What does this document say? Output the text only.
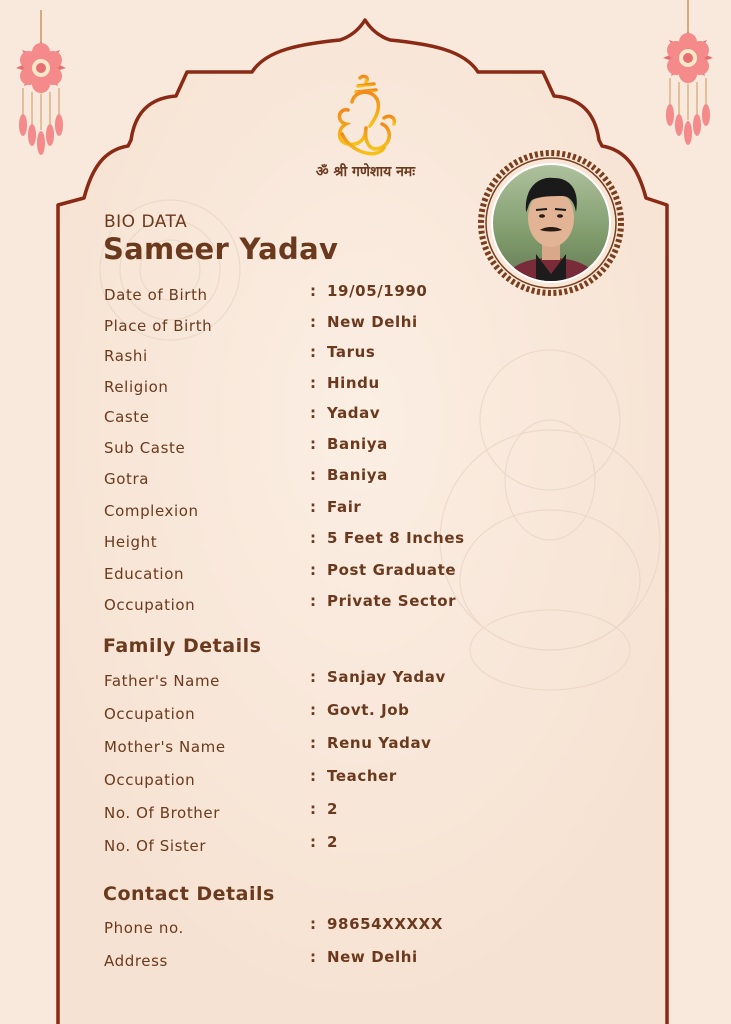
ॐ श्री गणेशाय नमः
BIO DATA
Sameer Yadav
Date of Birth	: 19/05/1990
Place of Birth	: New Delhi
Rashi	: Tarus
Religion	: Hindu
Caste	: Yadav
Sub Caste	: Baniya
Gotra	: Baniya
Complexion	: Fair
Height	: 5 Feet 8 Inches
Education	: Post Graduate
Occupation	: Private Sector
Family Details
Father's Name	: Sanjay Yadav
Occupation	: Govt. Job
Mother's Name	: Renu Yadav
Occupation	: Teacher
No. Of Brother	: 2
No. Of Sister	: 2
Contact Details
Phone no.	: 98654XXXXX
Address	: New Delhi
